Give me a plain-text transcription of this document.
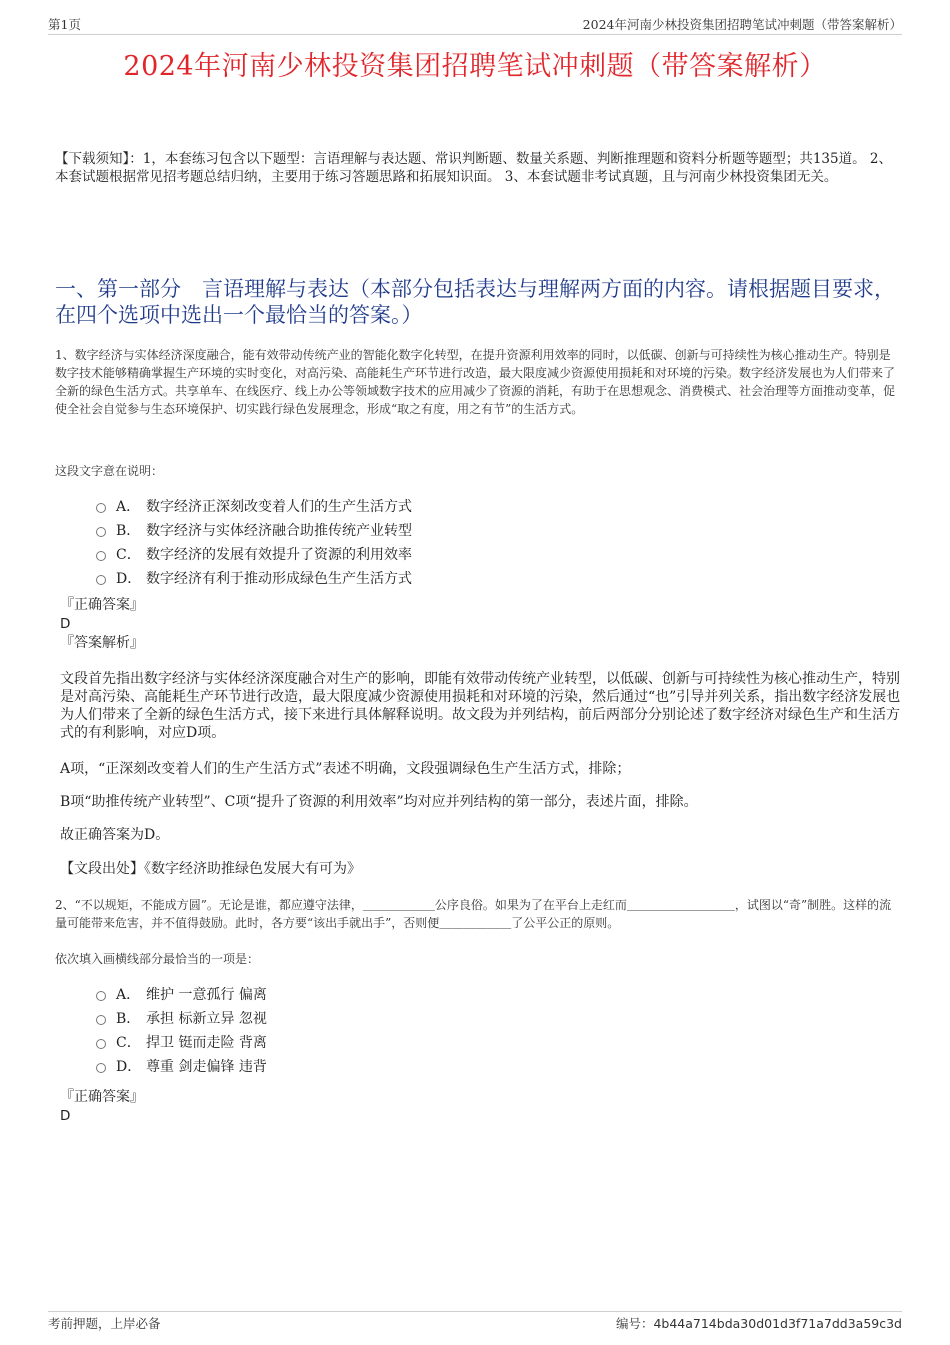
第1页	2024年河南少林投资集团招聘笔试冲刺题（带答案解析）
2024年河南少林投资集团招聘笔试冲刺题（带答案解析）

【下载须知】：1，本套练习包含以下题型：言语理解与表达题、常识判断题、数量关系题、判断推理题和资料分析题等题型；共135道。 2、本套试题根据常见招考题总结归纳，主要用于练习答题思路和拓展知识面。 3、本套试题非考试真题，且与河南少林投资集团无关。

一、第一部分　言语理解与表达（本部分包括表达与理解两方面的内容。请根据题目要求，在四个选项中选出一个最恰当的答案。）

1、数字经济与实体经济深度融合，能有效带动传统产业的智能化数字化转型，在提升资源利用效率的同时，以低碳、创新与可持续性为核心推动生产。特别是数字技术能够精确掌握生产环境的实时变化，对高污染、高能耗生产环节进行改造，最大限度减少资源使用损耗和对环境的污染。数字经济发展也为人们带来了全新的绿色生活方式。共享单车、在线医疗、线上办公等领域数字技术的应用减少了资源的消耗，有助于在思想观念、消费模式、社会治理等方面推动变革，促使全社会自觉参与生态环境保护、切实践行绿色发展理念，形成“取之有度，用之有节”的生活方式。

这段文字意在说明：

A． 数字经济正深刻改变着人们的生产生活方式
B． 数字经济与实体经济融合助推传统产业转型
C． 数字经济的发展有效提升了资源的利用效率
D． 数字经济有利于推动形成绿色生产生活方式

『正确答案』

D

『答案解析』

文段首先指出数字经济与实体经济深度融合对生产的影响，即能有效带动传统产业转型，以低碳、创新与可持续性为核心推动生产，特别是对高污染、高能耗生产环节进行改造，最大限度减少资源使用损耗和对环境的污染，然后通过“也”引导并列关系，指出数字经济发展也为人们带来了全新的绿色生活方式，接下来进行具体解释说明。故文段为并列结构，前后两部分分别论述了数字经济对绿色生产和生活方式的有利影响，对应D项。

A项，“正深刻改变着人们的生产生活方式”表述不明确，文段强调绿色生产生活方式，排除；

B项“助推传统产业转型”、C项“提升了资源的利用效率”均对应并列结构的第一部分，表述片面，排除。

故正确答案为D。

【文段出处】《数字经济助推绿色发展大有可为》

2、“不以规矩，不能成方圆”。无论是谁，都应遵守法律，＿＿＿＿＿＿公序良俗。如果为了在平台上走红而＿＿＿＿＿＿＿＿＿，试图以“奇”制胜。这样的流量可能带来危害，并不值得鼓励。此时，各方要“该出手就出手”，否则便＿＿＿＿＿＿了公平公正的原则。

依次填入画横线部分最恰当的一项是：

A． 维护 一意孤行 偏离
B． 承担 标新立异 忽视
C． 捍卫 铤而走险 背离
D． 尊重 剑走偏锋 违背

『正确答案』

D

考前押题，上岸必备	编号：4b44a714bda30d01d3f71a7dd3a59c3d
